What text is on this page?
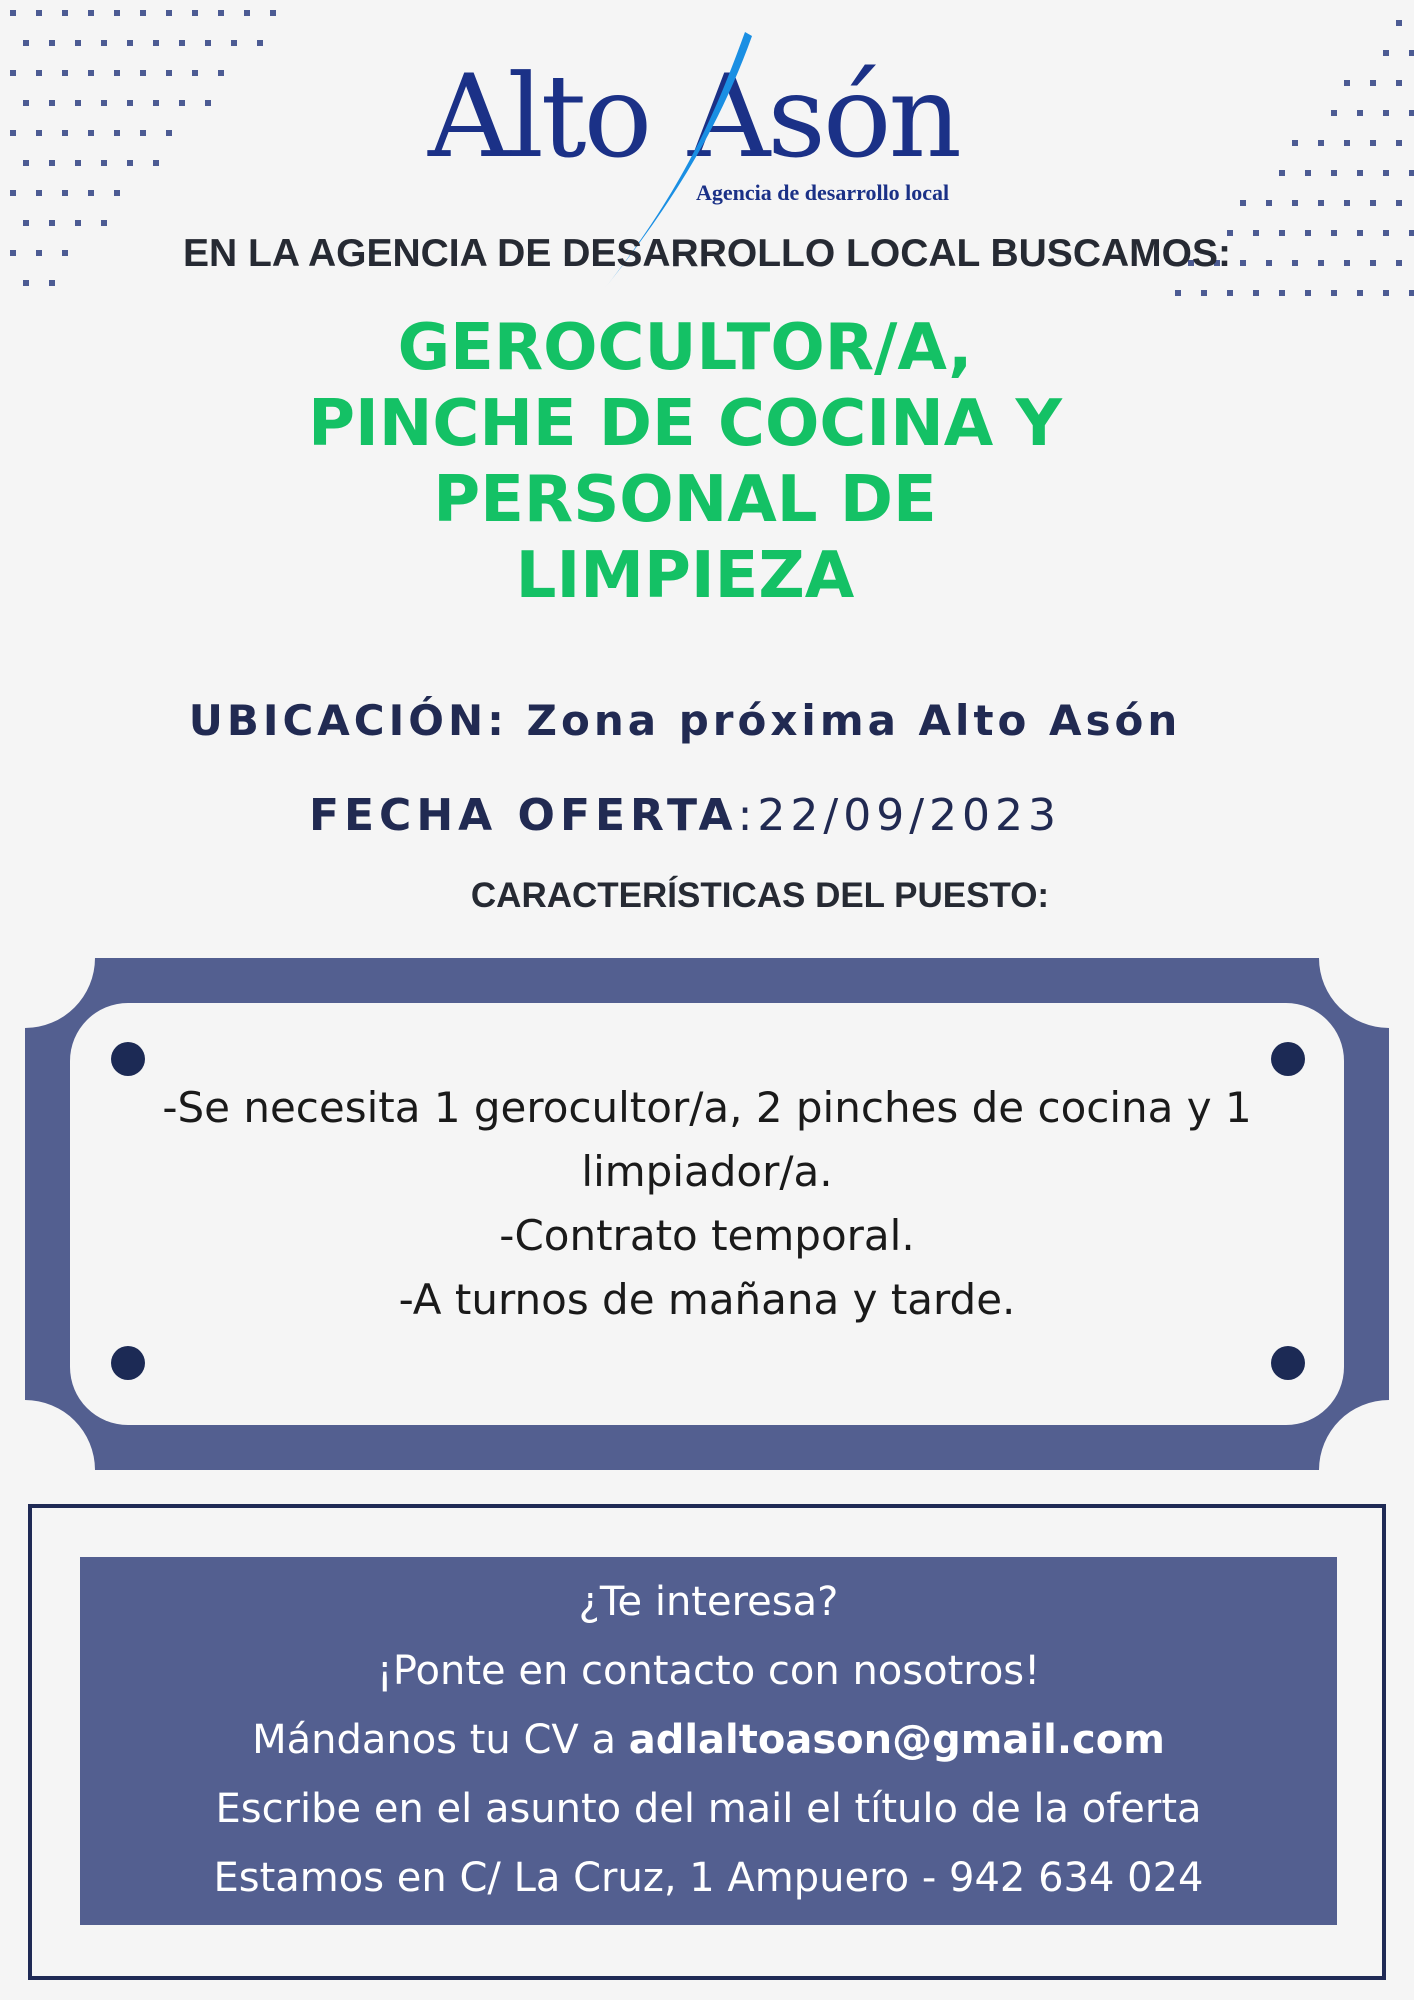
Alto Asón
Agencia de desarrollo local
EN LA AGENCIA DE DESARROLLO LOCAL BUSCAMOS:
GEROCULTOR/A,
PINCHE DE COCINA Y
PERSONAL DE
LIMPIEZA
UBICACIÓN: Zona próxima Alto Asón
FECHA OFERTA:22/09/2023
CARACTERÍSTICAS DEL PUESTO:
-Se necesita 1 gerocultor/a, 2 pinches de cocina y 1
limpiador/a.
-Contrato temporal.
-A turnos de mañana y tarde.
¿Te interesa?
¡Ponte en contacto con nosotros!
Mándanos tu CV a adlaltoason@gmail.com
Escribe en el asunto del mail el título de la oferta
Estamos en C/ La Cruz, 1 Ampuero - 942 634 024
